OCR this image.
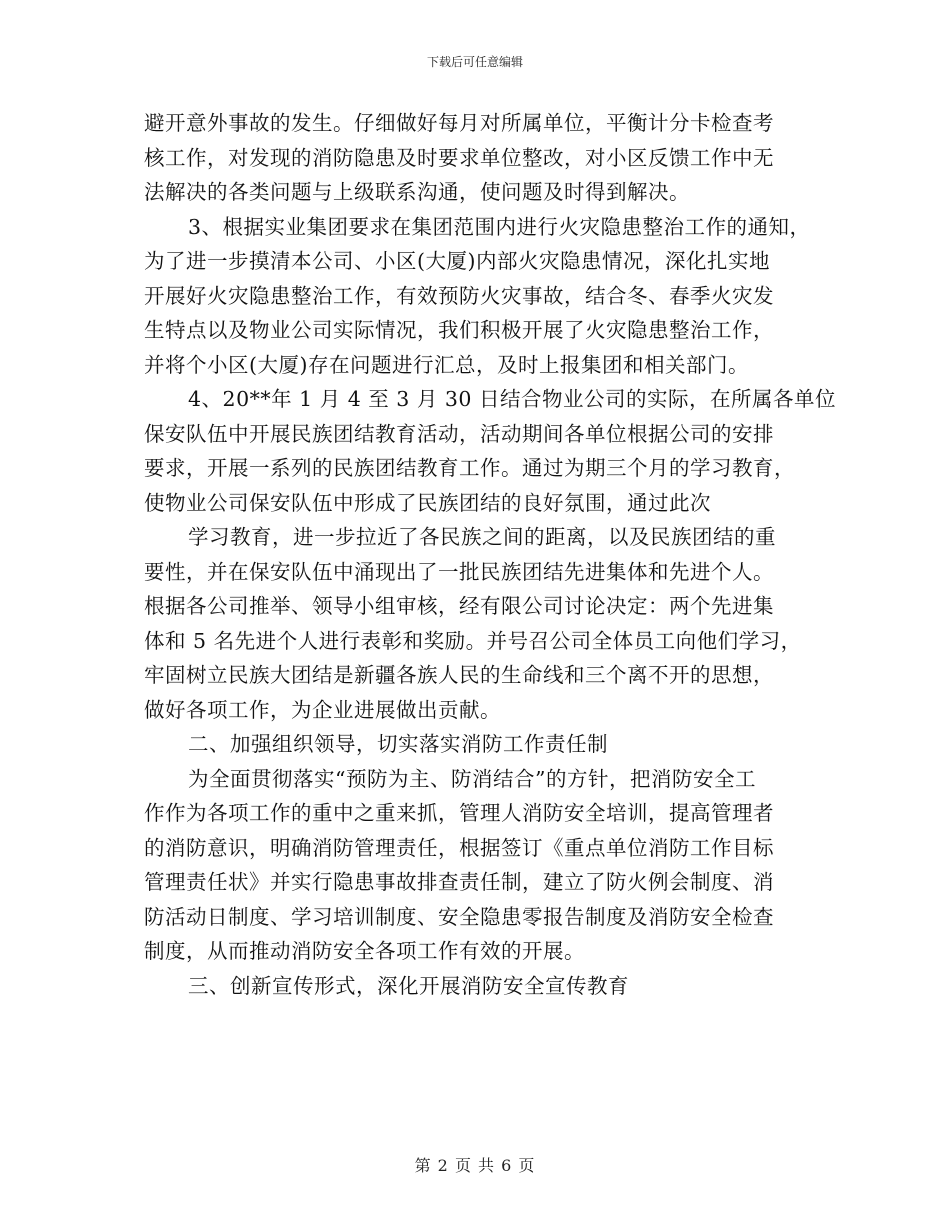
下载后可任意编辑
避开意外事故的发生。仔细做好每月对所属单位，平衡计分卡检查考
核工作，对发现的消防隐患及时要求单位整改，对小区反馈工作中无
法解决的各类问题与上级联系沟通，使问题及时得到解决。
3、根据实业集团要求在集团范围内进行火灾隐患整治工作的通知，
为了进一步摸清本公司、小区(大厦)内部火灾隐患情况，深化扎实地
开展好火灾隐患整治工作，有效预防火灾事故，结合冬、春季火灾发
生特点以及物业公司实际情况，我们积极开展了火灾隐患整治工作，
并将个小区(大厦)存在问题进行汇总，及时上报集团和相关部门。
4、20**年 1 月 4 至 3 月 30 日结合物业公司的实际，在所属各单位
保安队伍中开展民族团结教育活动，活动期间各单位根据公司的安排
要求，开展一系列的民族团结教育工作。通过为期三个月的学习教育，
使物业公司保安队伍中形成了民族团结的良好氛围，通过此次
学习教育，进一步拉近了各民族之间的距离，以及民族团结的重
要性，并在保安队伍中涌现出了一批民族团结先进集体和先进个人。
根据各公司推举、领导小组审核，经有限公司讨论决定：两个先进集
体和 5 名先进个人进行表彰和奖励。并号召公司全体员工向他们学习，
牢固树立民族大团结是新疆各族人民的生命线和三个离不开的思想，
做好各项工作，为企业进展做出贡献。
二、加强组织领导，切实落实消防工作责任制
为全面贯彻落实“预防为主、防消结合”的方针，把消防安全工
作作为各项工作的重中之重来抓，管理人消防安全培训，提高管理者
的消防意识，明确消防管理责任，根据签订《重点单位消防工作目标
管理责任状》并实行隐患事故排查责任制，建立了防火例会制度、消
防活动日制度、学习培训制度、安全隐患零报告制度及消防安全检查
制度，从而推动消防安全各项工作有效的开展。
三、创新宣传形式，深化开展消防安全宣传教育
第 2 页 共 6 页
